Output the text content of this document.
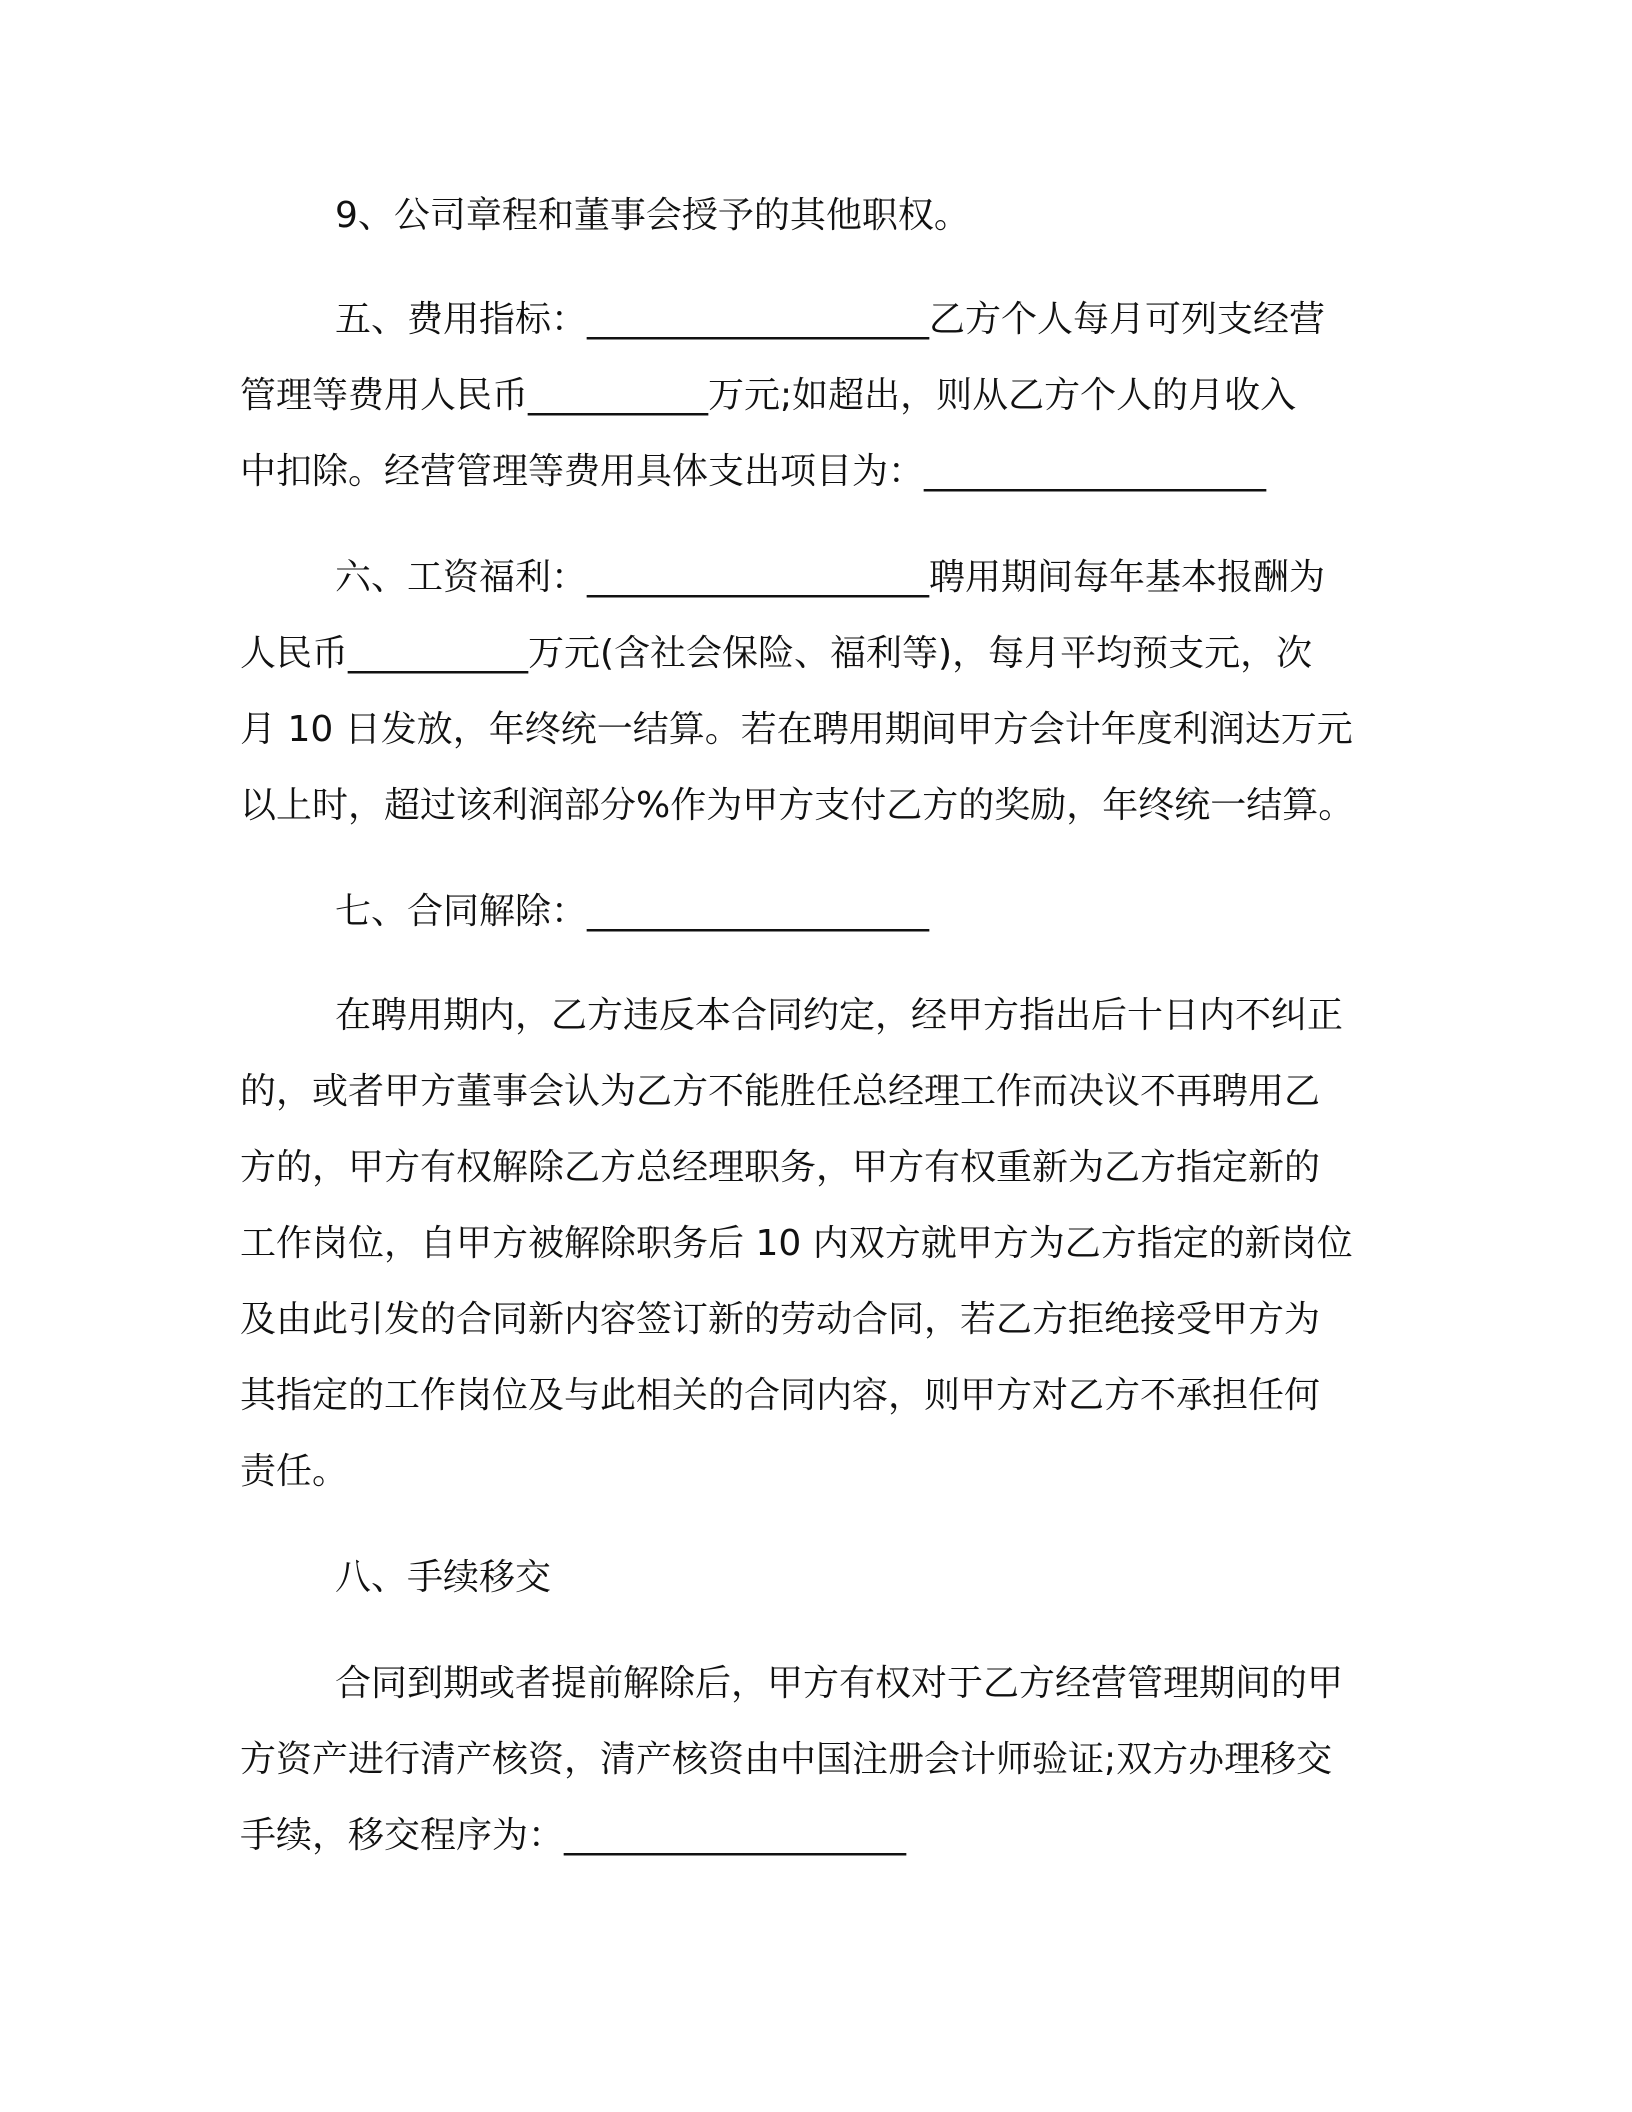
9、公司章程和董事会授予的其他职权。
五、费用指标：___________________乙方个人每月可列支经营
管理等费用人民币__________万元;如超出，则从乙方个人的月收入
中扣除。经营管理等费用具体支出项目为：___________________
六、工资福利：___________________聘用期间每年基本报酬为
人民币__________万元(含社会保险、福利等)，每月平均预支元，次
月 10 日发放，年终统一结算。若在聘用期间甲方会计年度利润达万元
以上时，超过该利润部分%作为甲方支付乙方的奖励，年终统一结算。
七、合同解除：___________________
在聘用期内，乙方违反本合同约定，经甲方指出后十日内不纠正
的，或者甲方董事会认为乙方不能胜任总经理工作而决议不再聘用乙
方的，甲方有权解除乙方总经理职务，甲方有权重新为乙方指定新的
工作岗位，自甲方被解除职务后 10 内双方就甲方为乙方指定的新岗位
及由此引发的合同新内容签订新的劳动合同，若乙方拒绝接受甲方为
其指定的工作岗位及与此相关的合同内容，则甲方对乙方不承担任何
责任。
八、手续移交
合同到期或者提前解除后，甲方有权对于乙方经营管理期间的甲
方资产进行清产核资，清产核资由中国注册会计师验证;双方办理移交
手续，移交程序为：___________________
